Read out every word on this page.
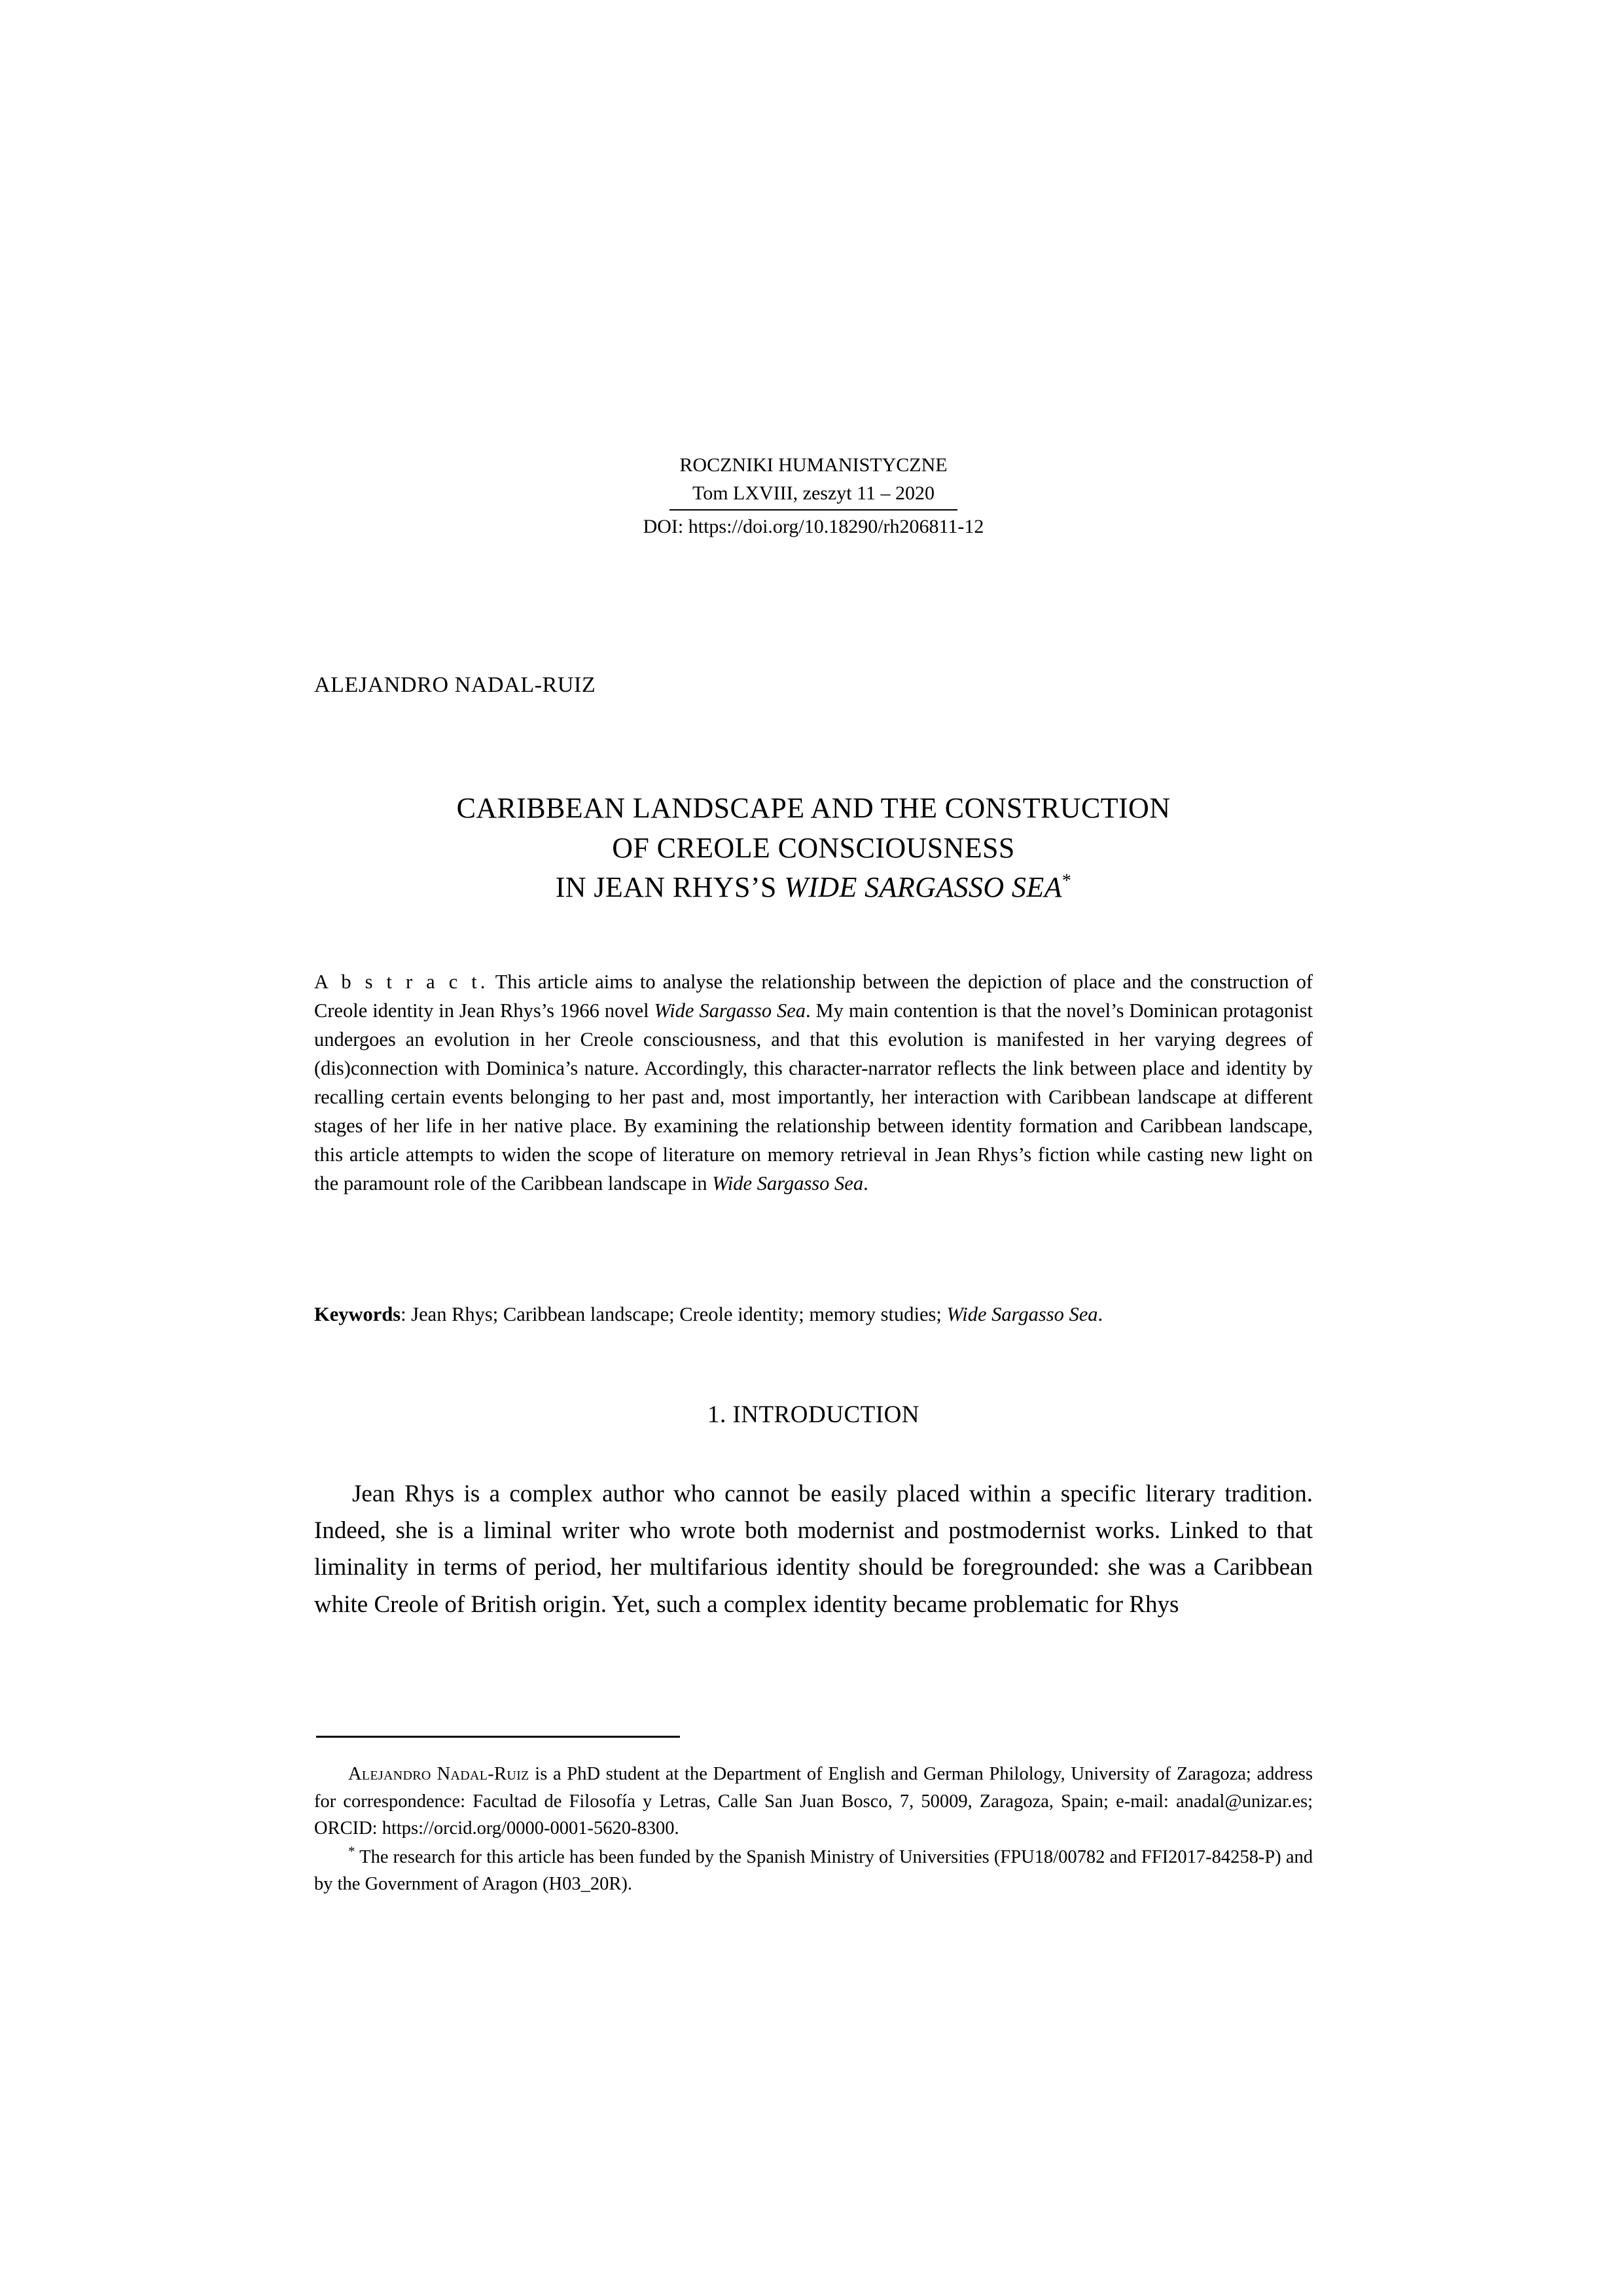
ROCZNIKI HUMANISTYCZNE
Tom LXVIII, zeszyt 11 – 2020
DOI: https://doi.org/10.18290/rh206811-12
ALEJANDRO NADAL-RUIZ
CARIBBEAN LANDSCAPE AND THE CONSTRUCTION
OF CREOLE CONSCIOUSNESS
IN JEAN RHYS’S WIDE SARGASSO SEA*
A b s t r a c t. This article aims to analyse the relationship between the depiction of place and the construction of Creole identity in Jean Rhys’s 1966 novel Wide Sargasso Sea. My main contention is that the novel’s Dominican protagonist undergoes an evolution in her Creole consciousness, and that this evolution is manifested in her varying degrees of (dis)connection with Dominica’s nature. Accordingly, this character-narrator reflects the link between place and identity by recalling certain events belonging to her past and, most importantly, her interaction with Caribbean landscape at different stages of her life in her native place. By examining the relationship between identity formation and Caribbean landscape, this article attempts to widen the scope of literature on memory retrieval in Jean Rhys’s fiction while casting new light on the paramount role of the Caribbean landscape in Wide Sargasso Sea.
Keywords: Jean Rhys; Caribbean landscape; Creole identity; memory studies; Wide Sargasso Sea.
1. INTRODUCTION
Jean Rhys is a complex author who cannot be easily placed within a specific literary tradition. Indeed, she is a liminal writer who wrote both modernist and postmodernist works. Linked to that liminality in terms of period, her multifarious identity should be foregrounded: she was a Caribbean white Creole of British origin. Yet, such a complex identity became problematic for Rhys

Alejandro Nadal-Ruiz is a PhD student at the Department of English and German Philology, University of Zaragoza; address for correspondence: Facultad de Filosofía y Letras, Calle San Juan Bosco, 7, 50009, Zaragoza, Spain; e-mail: anadal@unizar.es; ORCID: https://orcid.org/0000-0001-5620-8300.

* The research for this article has been funded by the Spanish Ministry of Universities (FPU18/00782 and FFI2017-84258-P) and by the Government of Aragon (H03_20R).
